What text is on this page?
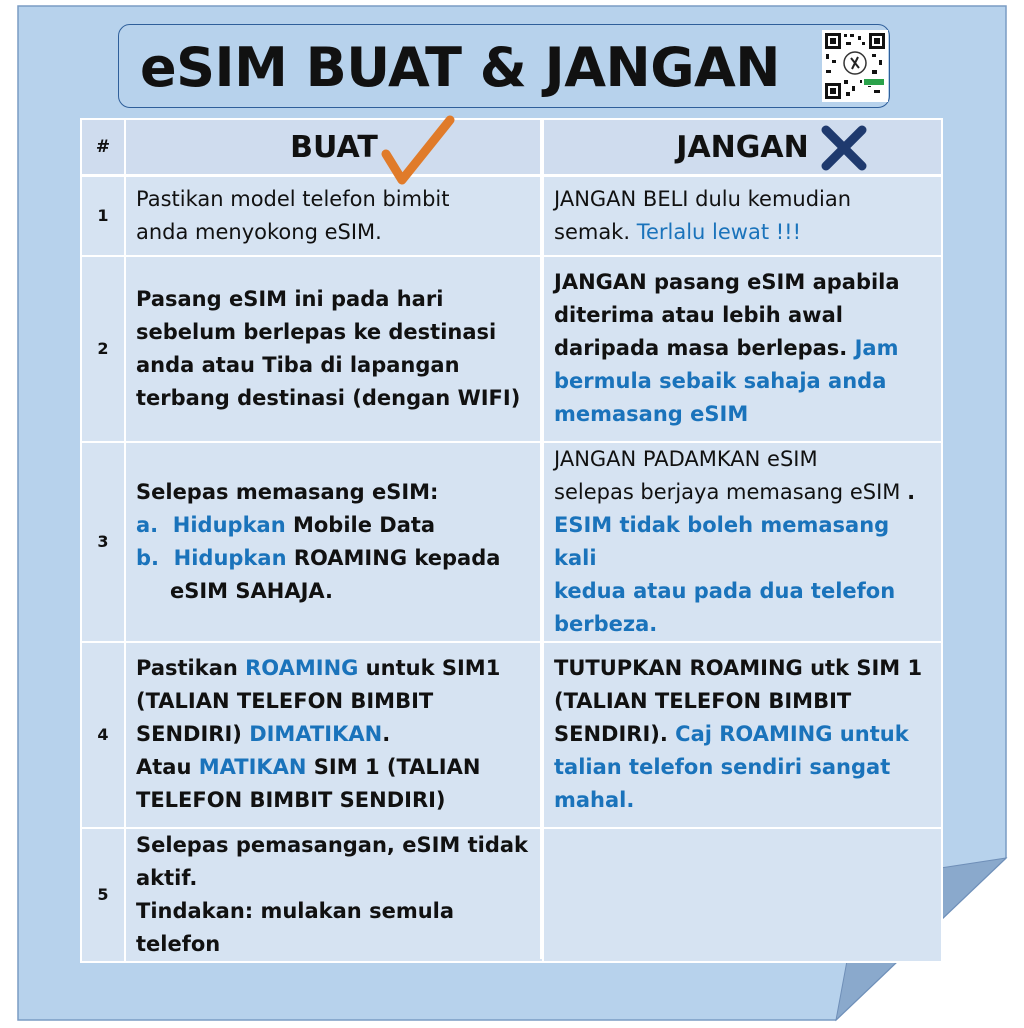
eSIM BUAT & JANGAN
#	BUAT	JANGAN
1	Pastikan model telefon bimbit
anda menyokong eSIM.	JANGAN BELI dulu kemudian
semak. Terlalu lewat !!!

2	Pasang eSIM ini pada hari
sebelum berlepas ke destinasi
anda atau Tiba di lapangan
terbang destinasi (dengan WIFI)	JANGAN pasang eSIM apabila
diterima atau lebih awal
daripada masa berlepas. Jam
bermula sebaik sahaja anda
memasang eSIM

3	Selepas memasang eSIM:
a. Hidupkan Mobile Data
b. Hidupkan ROAMING kepada
eSIM SAHAJA.	JANGAN PADAMKAN eSIM
selepas berjaya memasang eSIM .
ESIM tidak boleh memasang kali
kedua atau pada dua telefon
berbeza.

4	Pastikan ROAMING untuk SIM1
(TALIAN TELEFON BIMBIT
SENDIRI) DIMATIKAN.
Atau MATIKAN SIM 1 (TALIAN
TELEFON BIMBIT SENDIRI)	TUTUPKAN ROAMING utk SIM 1
(TALIAN TELEFON BIMBIT
SENDIRI). Caj ROAMING untuk
talian telefon sendiri sangat
mahal.

5	Selepas pemasangan, eSIM tidak
aktif.
Tindakan: mulakan semula
telefon	
